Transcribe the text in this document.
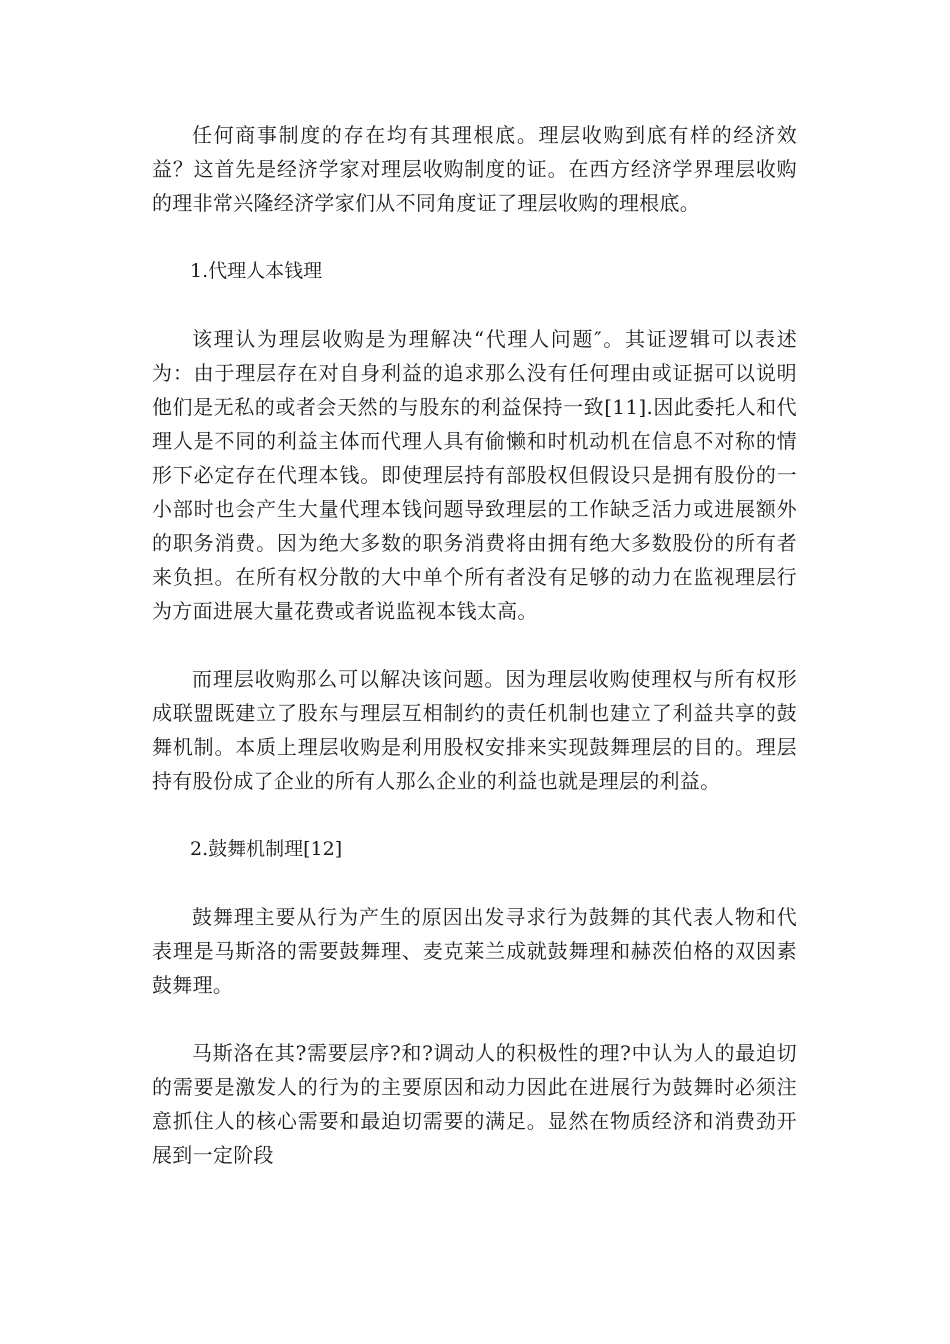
任何商事制度的存在均有其理根底。理层收购到底有样的经济效益？这首先是经济学家对理层收购制度的证。在西方经济学界理层收购的理非常兴隆经济学家们从不同角度证了理层收购的理根底。

1.代理人本钱理

该理认为理层收购是为理解决“代理人问题″。其证逻辑可以表述为：由于理层存在对自身利益的追求那么没有任何理由或证据可以说明他们是无私的或者会天然的与股东的利益保持一致[11].因此委托人和代理人是不同的利益主体而代理人具有偷懒和时机动机在信息不对称的情形下必定存在代理本钱。即使理层持有部股权但假设只是拥有股份的一小部时也会产生大量代理本钱问题导致理层的工作缺乏活力或进展额外的职务消费。因为绝大多数的职务消费将由拥有绝大多数股份的所有者来负担。在所有权分散的大中单个所有者没有足够的动力在监视理层行为方面进展大量花费或者说监视本钱太高。

而理层收购那么可以解决该问题。因为理层收购使理权与所有权形成联盟既建立了股东与理层互相制约的责任机制也建立了利益共享的鼓舞机制。本质上理层收购是利用股权安排来实现鼓舞理层的目的。理层持有股份成了企业的所有人那么企业的利益也就是理层的利益。

2.鼓舞机制理[12]

鼓舞理主要从行为产生的原因出发寻求行为鼓舞的其代表人物和代表理是马斯洛的需要鼓舞理、麦克莱兰成就鼓舞理和赫茨伯格的双因素鼓舞理。

马斯洛在其?需要层序?和?调动人的积极性的理?中认为人的最迫切的需要是激发人的行为的主要原因和动力因此在进展行为鼓舞时必须注意抓住人的核心需要和最迫切需要的满足。显然在物质经济和消费劲开展到一定阶段
